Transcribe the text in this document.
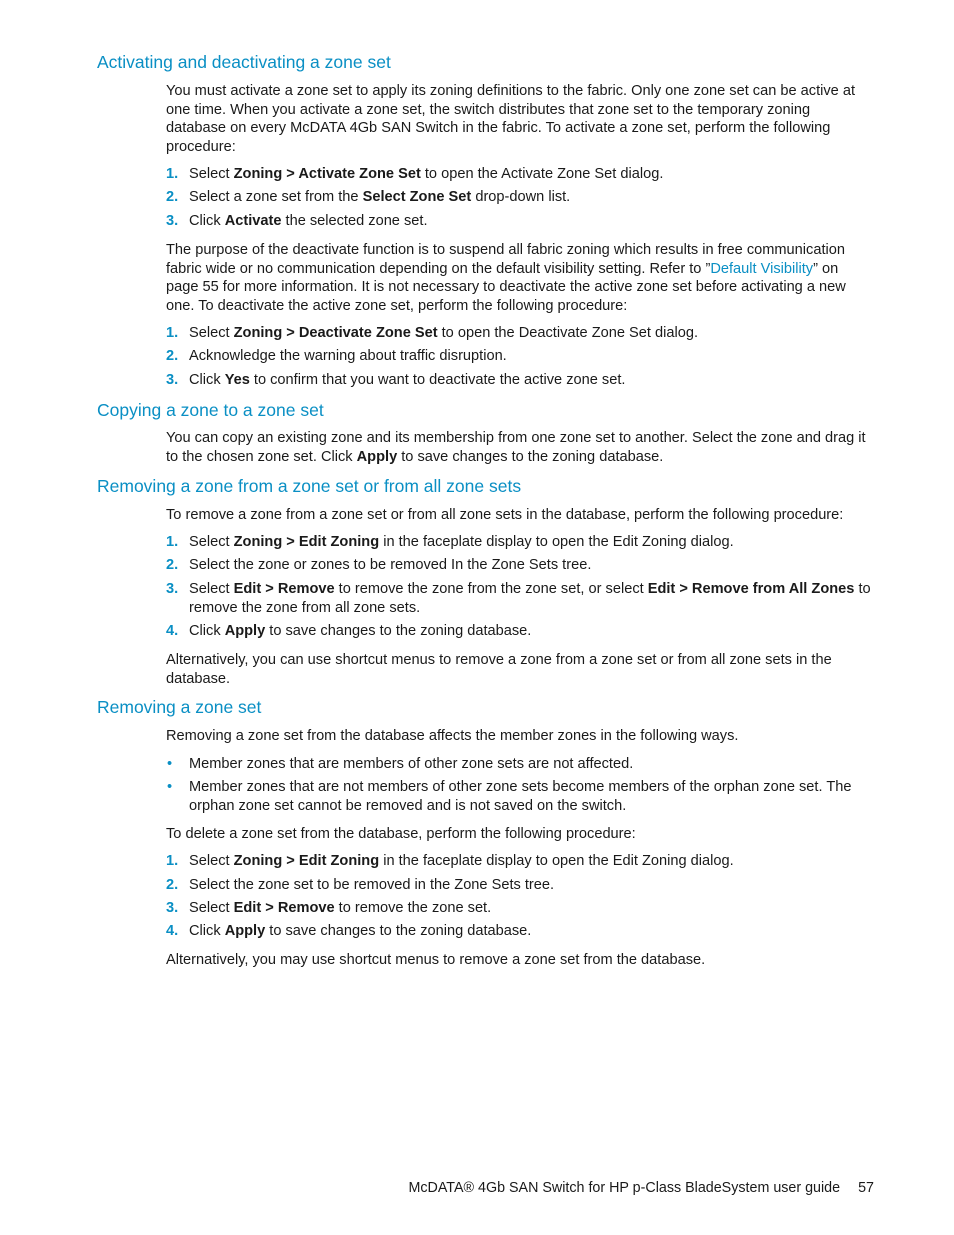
Activating and deactivating a zone set

You must activate a zone set to apply its zoning definitions to the fabric. Only one zone set can be active at one time. When you activate a zone set, the switch distributes that zone set to the temporary zoning database on every McDATA 4Gb SAN Switch in the fabric. To activate a zone set, perform the following procedure:

1. Select Zoning > Activate Zone Set to open the Activate Zone Set dialog.
2. Select a zone set from the Select Zone Set drop-down list.
3. Click Activate the selected zone set.

The purpose of the deactivate function is to suspend all fabric zoning which results in free communication fabric wide or no communication depending on the default visibility setting. Refer to ”Default Visibility” on page 55 for more information. It is not necessary to deactivate the active zone set before activating a new one. To deactivate the active zone set, perform the following procedure:

1. Select Zoning > Deactivate Zone Set to open the Deactivate Zone Set dialog.
2. Acknowledge the warning about traffic disruption.
3. Click Yes to confirm that you want to deactivate the active zone set.
Copying a zone to a zone set

You can copy an existing zone and its membership from one zone set to another. Select the zone and drag it to the chosen zone set. Click Apply to save changes to the zoning database.

Removing a zone from a zone set or from all zone sets

To remove a zone from a zone set or from all zone sets in the database, perform the following procedure:

1. Select Zoning > Edit Zoning in the faceplate display to open the Edit Zoning dialog.
2. Select the zone or zones to be removed In the Zone Sets tree.
3. Select Edit > Remove to remove the zone from the zone set, or select Edit > Remove from All Zones to remove the zone from all zone sets.
4. Click Apply to save changes to the zoning database.

Alternatively, you can use shortcut menus to remove a zone from a zone set or from all zone sets in the database.

Removing a zone set

Removing a zone set from the database affects the member zones in the following ways.

•	Member zones that are members of other zone sets are not affected.
•	Member zones that are not members of other zone sets become members of the orphan zone set. The orphan zone set cannot be removed and is not saved on the switch.

To delete a zone set from the database, perform the following procedure:

1. Select Zoning > Edit Zoning in the faceplate display to open the Edit Zoning dialog.
2. Select the zone set to be removed in the Zone Sets tree.
3. Select Edit > Remove to remove the zone set.
4. Click Apply to save changes to the zoning database.

Alternatively, you may use shortcut menus to remove a zone set from the database.

McDATA® 4Gb SAN Switch for HP p-Class BladeSystem user guide 57
